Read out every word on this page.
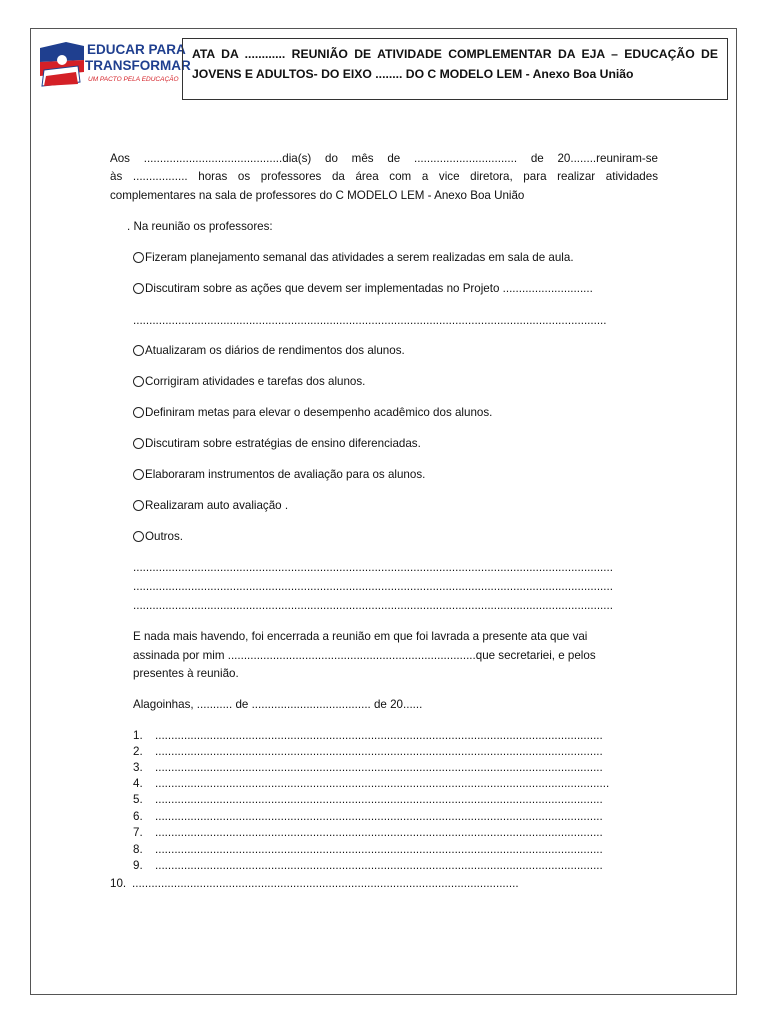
EDUCAR PARA
TRANSFORMAR
UM PACTO PELA EDUCAÇÃO
ATA DA ............ REUNIÃO DE ATIVIDADE COMPLEMENTAR DA EJA – EDUCAÇÃO DE
JOVENS E ADULTOS- DO EIXO ........ DO C MODELO LEM - Anexo Boa União
Aos ...........................................dia(s) do mês de ................................ de 20........reuniram-se
às ................. horas os professores da área com a vice diretora, para realizar atividades
complementares na sala de professores do C MODELO LEM - Anexo Boa União
. Na reunião os professores:
Fizeram planejamento semanal das atividades a serem realizadas em sala de aula.
Discutiram sobre as ações que devem ser implementadas no Projeto ............................
...................................................................................................................................................
Atualizaram os diários de rendimentos dos alunos.
Corrigiram atividades e tarefas dos alunos.
Definiram metas para elevar o desempenho acadêmico dos alunos.
Discutiram sobre estratégias de ensino diferenciadas.
Elaboraram instrumentos de avaliação para os alunos.
Realizaram auto avaliação .
Outros.
.....................................................................................................................................................
.....................................................................................................................................................
.....................................................................................................................................................
E nada mais havendo, foi encerrada a reunião em que foi lavrada a presente ata que vai
assinada por mim .............................................................................que secretariei, e pelos
presentes à reunião.
Alagoinhas, ........... de ..................................... de 20......
1. ...........................................................................................................................................
2. ...........................................................................................................................................
3. ...........................................................................................................................................
4. .............................................................................................................................................
5. ...........................................................................................................................................
6. ...........................................................................................................................................
7. ...........................................................................................................................................
8. ...........................................................................................................................................
9. ...........................................................................................................................................
10. ........................................................................................................................
